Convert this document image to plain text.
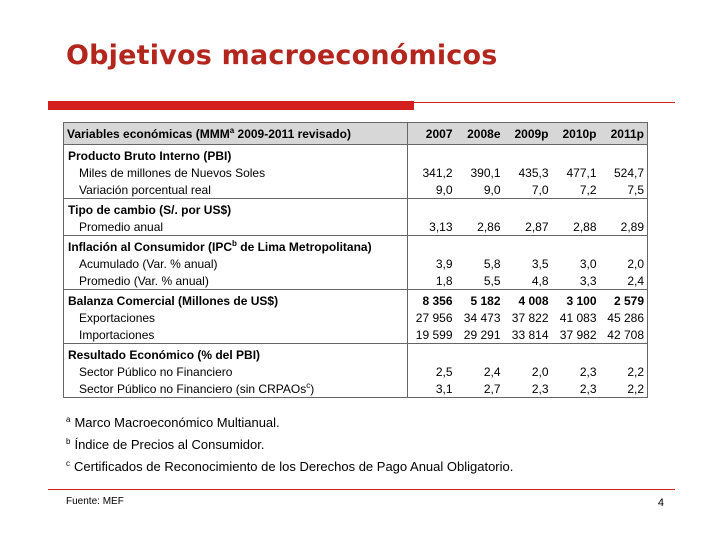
Objetivos macroeconómicos
Variables económicas (MMM$^a$ 2009-2011 revisado)	2007	2008e	2009p	2010p	2011p
Producto Bruto Interno (PBI)					
Miles de millones de Nuevos Soles	341,2	390,1	435,3	477,1	524,7
Variación porcentual real	9,0	9,0	7,0	7,2	7,5
Tipo de cambio (S/. por US$)					
Promedio anual	3,13	2,86	2,87	2,88	2,89
Inflación al Consumidor (IPC$^b$ de Lima Metropolitana)					
Acumulado (Var. % anual)	3,9	5,8	3,5	3,0	2,0
Promedio (Var. % anual)	1,8	5,5	4,8	3,3	2,4
Balanza Comercial (Millones de US$)	8 356	5 182	4 008	3 100	2 579
Exportaciones	27 956	34 473	37 822	41 083	45 286
Importaciones	19 599	29 291	33 814	37 982	42 708
Resultado Económico (% del PBI)					
Sector Público no Financiero	2,5	2,4	2,0	2,3	2,2
Sector Público no Financiero (sin CRPAOs$^c$)	3,1	2,7	2,3	2,3	2,2
$^a$ Marco Macroeconómico Multianual.
$^b$ Índice de Precios al Consumidor.
$^c$ Certificados de Reconocimiento de los Derechos de Pago Anual Obligatorio.
Fuente: MEF	4
